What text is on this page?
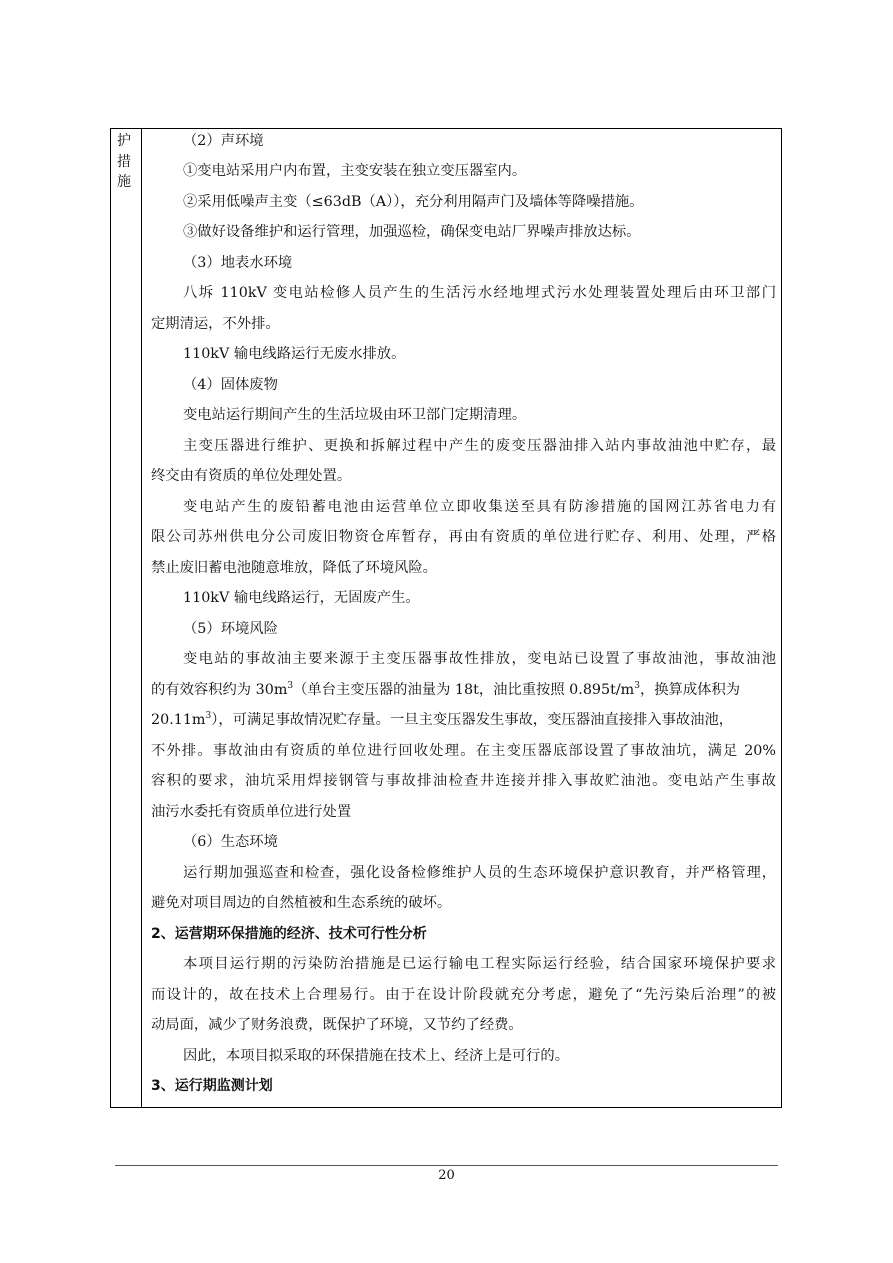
护
措
施
（2）声环境
①变电站采用户内布置，主变安装在独立变压器室内。
②采用低噪声主变（≤63dB（A）），充分利用隔声门及墙体等降噪措施。
③做好设备维护和运行管理，加强巡检，确保变电站厂界噪声排放达标。
（3）地表水环境
八坼 110kV 变电站检修人员产生的生活污水经地埋式污水处理装置处理后由环卫部门
定期清运，不外排。
110kV 输电线路运行无废水排放。
（4）固体废物
变电站运行期间产生的生活垃圾由环卫部门定期清理。
主变压器进行维护、更换和拆解过程中产生的废变压器油排入站内事故油池中贮存，最
终交由有资质的单位处理处置。
变电站产生的废铅蓄电池由运营单位立即收集送至具有防渗措施的国网江苏省电力有
限公司苏州供电分公司废旧物资仓库暂存，再由有资质的单位进行贮存、利用、处理，严格
禁止废旧蓄电池随意堆放，降低了环境风险。
110kV 输电线路运行，无固废产生。
（5）环境风险
变电站的事故油主要来源于主变压器事故性排放，变电站已设置了事故油池，事故油池
的有效容积约为 $30m^3$（单台主变压器的油量为 18t，油比重按照 $0.895t/m^3$，换算成体积为
$20.11m^3$），可满足事故情况贮存量。一旦主变压器发生事故，变压器油直接排入事故油池，
不外排。事故油由有资质的单位进行回收处理。在主变压器底部设置了事故油坑，满足 20%
容积的要求，油坑采用焊接钢管与事故排油检查井连接并排入事故贮油池。变电站产生事故
油污水委托有资质单位进行处置
（6）生态环境
运行期加强巡查和检查，强化设备检修维护人员的生态环境保护意识教育，并严格管理，
避免对项目周边的自然植被和生态系统的破坏。
2、运营期环保措施的经济、技术可行性分析
本项目运行期的污染防治措施是已运行输电工程实际运行经验，结合国家环境保护要求
而设计的，故在技术上合理易行。由于在设计阶段就充分考虑，避免了“先污染后治理”的被
动局面，减少了财务浪费，既保护了环境，又节约了经费。
因此，本项目拟采取的环保措施在技术上、经济上是可行的。
3、运行期监测计划
20
